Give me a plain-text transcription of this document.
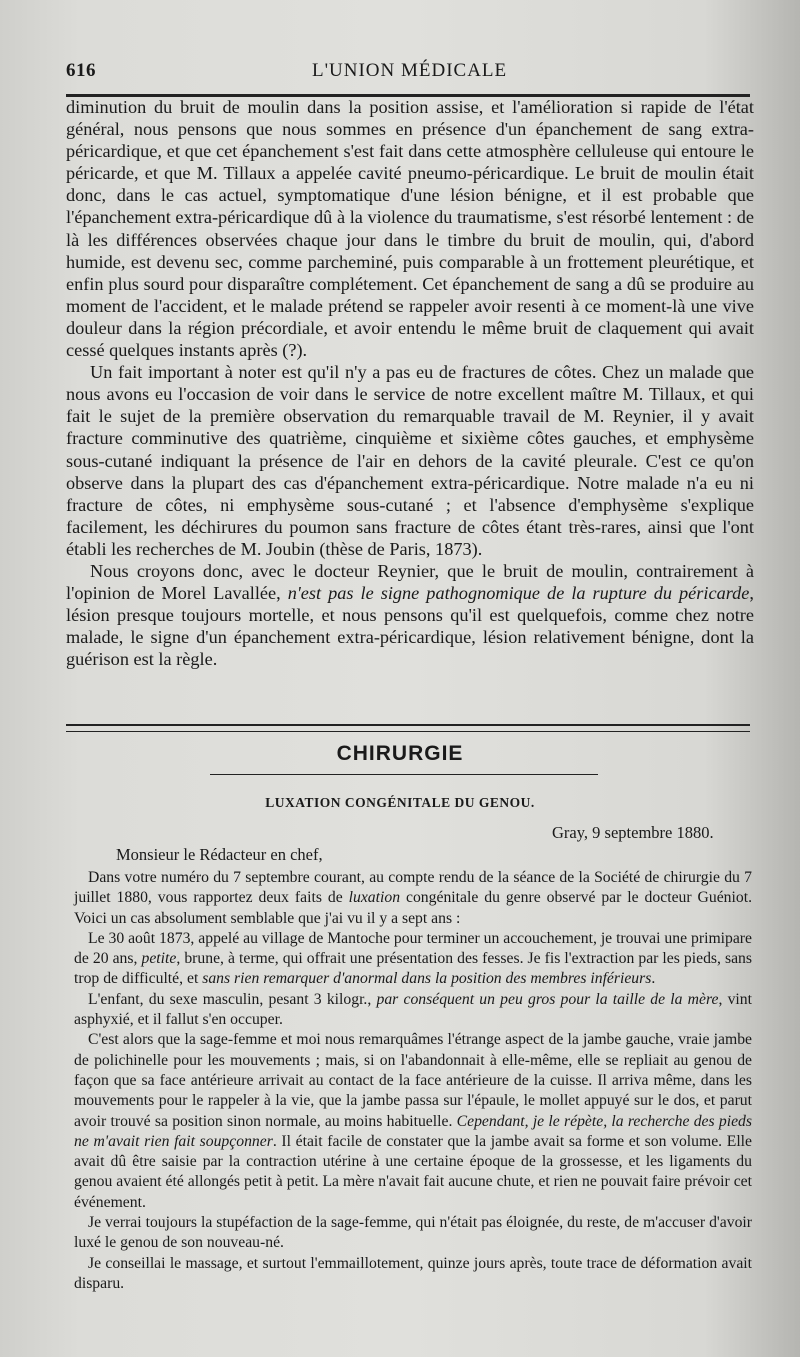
616	L'UNION MÉDICALE

diminution du bruit de moulin dans la position assise, et l'amélioration si rapide de l'état général, nous pensons que nous sommes en présence d'un épanchement de sang extra-péricardique, et que cet épanchement s'est fait dans cette atmosphère celluleuse qui entoure le péricarde, et que M. Tillaux a appelée cavité pneumo-péricardique. Le bruit de moulin était donc, dans le cas actuel, symptomatique d'une lésion bénigne, et il est probable que l'épanchement extra-péricardique dû à la violence du traumatisme, s'est résorbé lentement : de là les différences observées chaque jour dans le timbre du bruit de moulin, qui, d'abord humide, est devenu sec, comme parcheminé, puis comparable à un frottement pleurétique, et enfin plus sourd pour disparaître complétement. Cet épanchement de sang a dû se produire au moment de l'accident, et le malade prétend se rappeler avoir resenti à ce moment-là une vive douleur dans la région précordiale, et avoir entendu le même bruit de claquement qui avait cessé quelques instants après (?).

Un fait important à noter est qu'il n'y a pas eu de fractures de côtes. Chez un malade que nous avons eu l'occasion de voir dans le service de notre excellent maître M. Tillaux, et qui fait le sujet de la première observation du remarquable travail de M. Reynier, il y avait fracture comminutive des quatrième, cinquième et sixième côtes gauches, et emphysème sous-cutané indiquant la présence de l'air en dehors de la cavité pleurale. C'est ce qu'on observe dans la plupart des cas d'épanchement extra-péricardique. Notre malade n'a eu ni fracture de côtes, ni emphysème sous-cutané ; et l'absence d'emphysème s'explique facilement, les déchirures du poumon sans fracture de côtes étant très-rares, ainsi que l'ont établi les recherches de M. Joubin (thèse de Paris, 1873).

Nous croyons donc, avec le docteur Reynier, que le bruit de moulin, contrairement à l'opinion de Morel Lavallée, n'est pas le signe pathognomique de la rupture du péricarde, lésion presque toujours mortelle, et nous pensons qu'il est quelquefois, comme chez notre malade, le signe d'un épanchement extra-péricardique, lésion relativement bénigne, dont la guérison est la règle.

CHIRURGIE
LUXATION CONGÉNITALE DU GENOU.
Gray, 9 septembre 1880.
Monsieur le Rédacteur en chef,

Dans votre numéro du 7 septembre courant, au compte rendu de la séance de la Société de chirurgie du 7 juillet 1880, vous rapportez deux faits de luxation congénitale du genre observé par le docteur Guéniot. Voici un cas absolument semblable que j'ai vu il y a sept ans :

Le 30 août 1873, appelé au village de Mantoche pour terminer un accouchement, je trouvai une primipare de 20 ans, petite, brune, à terme, qui offrait une présentation des fesses. Je fis l'extraction par les pieds, sans trop de difficulté, et sans rien remarquer d'anormal dans la position des membres inférieurs.

L'enfant, du sexe masculin, pesant 3 kilogr., par conséquent un peu gros pour la taille de la mère, vint asphyxié, et il fallut s'en occuper.

C'est alors que la sage-femme et moi nous remarquâmes l'étrange aspect de la jambe gauche, vraie jambe de polichinelle pour les mouvements ; mais, si on l'abandonnait à elle-même, elle se repliait au genou de façon que sa face antérieure arrivait au contact de la face antérieure de la cuisse. Il arriva même, dans les mouvements pour le rappeler à la vie, que la jambe passa sur l'épaule, le mollet appuyé sur le dos, et parut avoir trouvé sa position sinon normale, au moins habituelle. Cependant, je le répète, la recherche des pieds ne m'avait rien fait soupçonner. Il était facile de constater que la jambe avait sa forme et son volume. Elle avait dû être saisie par la contraction utérine à une certaine époque de la grossesse, et les ligaments du genou avaient été allongés petit à petit. La mère n'avait fait aucune chute, et rien ne pouvait faire prévoir cet événement.

Je verrai toujours la stupéfaction de la sage-femme, qui n'était pas éloignée, du reste, de m'accuser d'avoir luxé le genou de son nouveau-né.

Je conseillai le massage, et surtout l'emmaillotement, quinze jours après, toute trace de déformation avait disparu.
